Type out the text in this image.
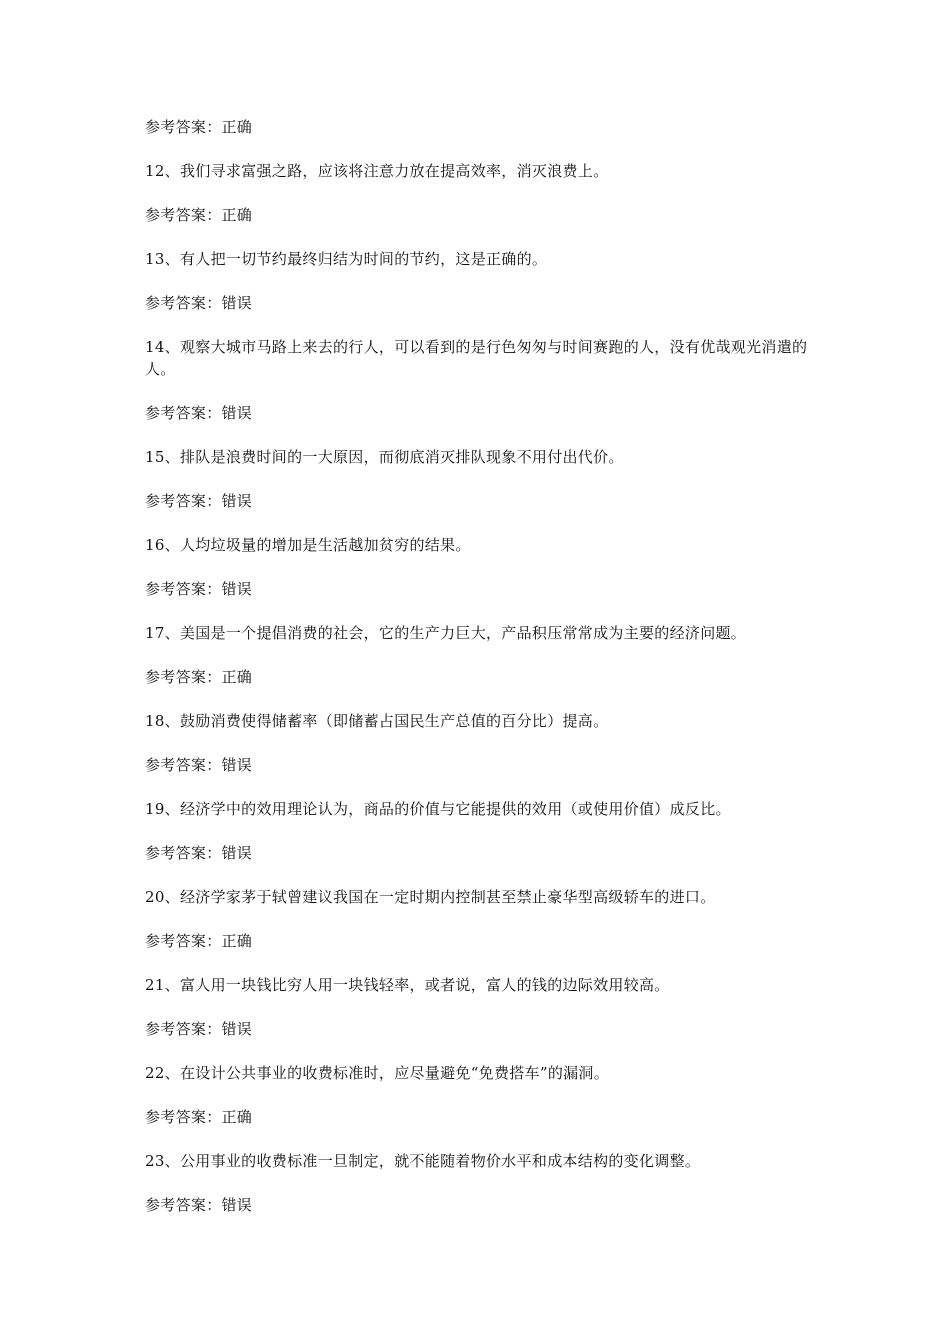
参考答案：正确

12、我们寻求富强之路，应该将注意力放在提高效率，消灭浪费上。

参考答案：正确

13、有人把一切节约最终归结为时间的节约，这是正确的。

参考答案：错误

14、观察大城市马路上来去的行人，可以看到的是行色匆匆与时间赛跑的人，没有优哉观光消遣的人。

参考答案：错误

15、排队是浪费时间的一大原因，而彻底消灭排队现象不用付出代价。

参考答案：错误

16、人均垃圾量的增加是生活越加贫穷的结果。

参考答案：错误

17、美国是一个提倡消费的社会，它的生产力巨大，产品积压常常成为主要的经济问题。

参考答案：正确

18、鼓励消费使得储蓄率（即储蓄占国民生产总值的百分比）提高。

参考答案：错误

19、经济学中的效用理论认为，商品的价值与它能提供的效用（或使用价值）成反比。

参考答案：错误

20、经济学家茅于轼曾建议我国在一定时期内控制甚至禁止豪华型高级轿车的进口。

参考答案：正确

21、富人用一块钱比穷人用一块钱轻率，或者说，富人的钱的边际效用较高。

参考答案：错误

22、在设计公共事业的收费标准时，应尽量避免“免费搭车”的漏洞。

参考答案：正确

23、公用事业的收费标准一旦制定，就不能随着物价水平和成本结构的变化调整。

参考答案：错误
